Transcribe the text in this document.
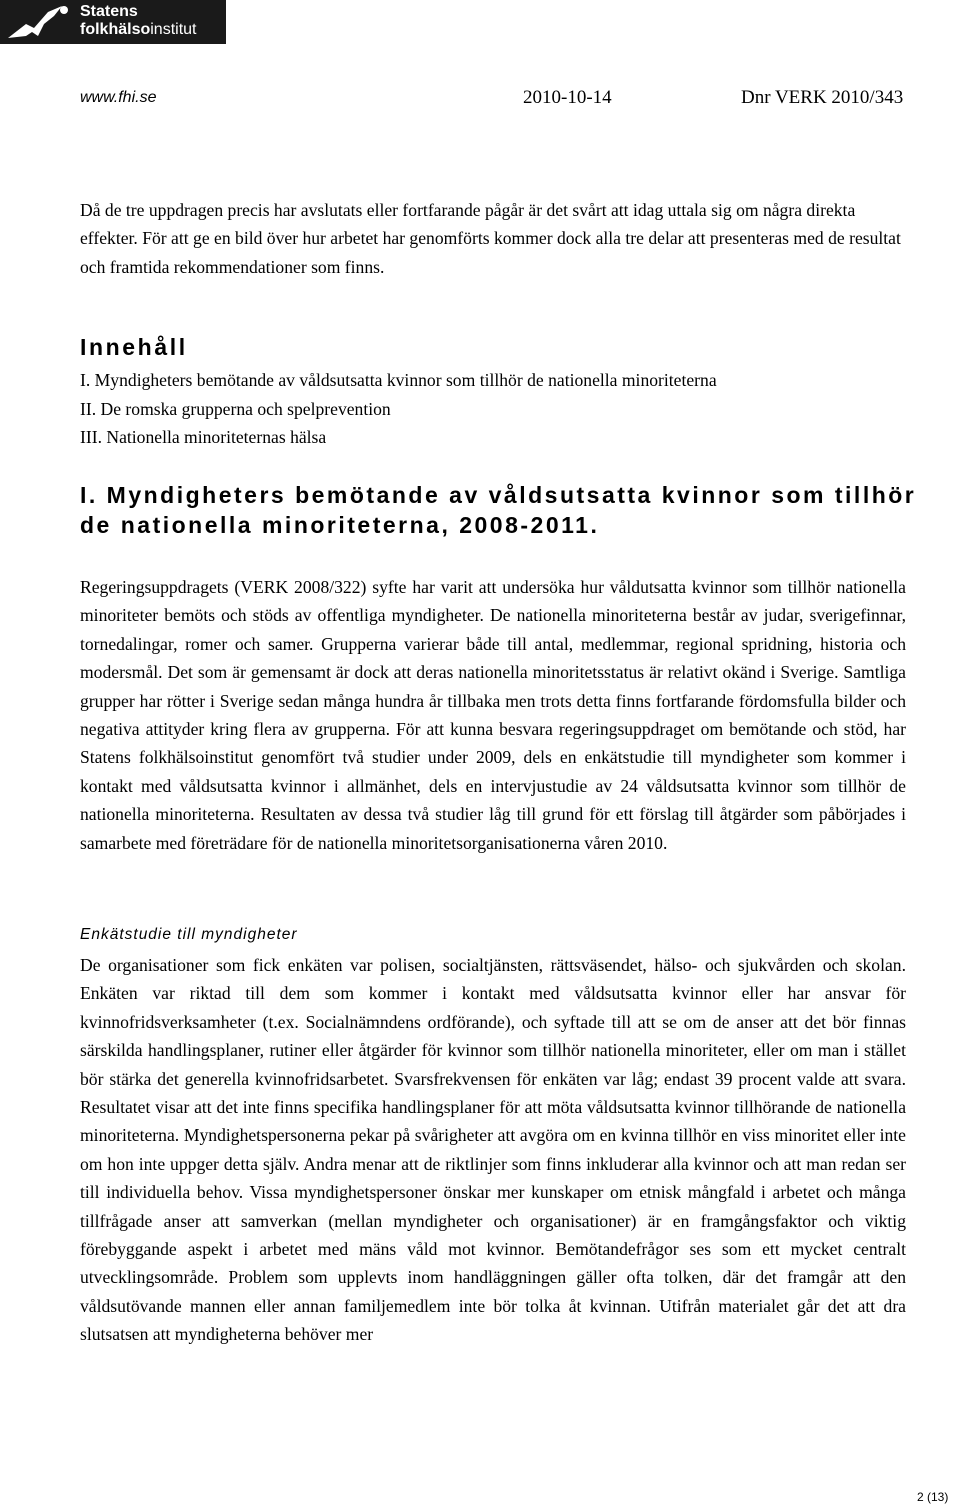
Statens
folkhälsoinstitut
www.fhi.se	2010-10-14	Dnr VERK 2010/343
Då de tre uppdragen precis har avslutats eller fortfarande pågår är det svårt att idag uttala sig om några direkta effekter. För att ge en bild över hur arbetet har genomförts kommer dock alla tre delar att presenteras med de resultat och framtida rekommendationer som finns.
Innehåll
I. Myndigheters bemötande av våldsutsatta kvinnor som tillhör de nationella minoriteterna
II. De romska grupperna och spelprevention
III. Nationella minoriteternas hälsa
I. Myndigheters bemötande av våldsutsatta kvinnor som tillhör de nationella minoriteterna, 2008-2011.
Regeringsuppdragets (VERK 2008/322) syfte har varit att undersöka hur våldutsatta kvinnor som tillhör nationella minoriteter bemöts och stöds av offentliga myndigheter. De nationella minoriteterna består av judar, sverigefinnar, tornedalingar, romer och samer. Grupperna varierar både till antal, medlemmar, regional spridning, historia och modersmål. Det som är gemensamt är dock att deras nationella minoritetsstatus är relativt okänd i Sverige. Samtliga grupper har rötter i Sverige sedan många hundra år tillbaka men trots detta finns fortfarande fördomsfulla bilder och negativa attityder kring flera av grupperna. För att kunna besvara regeringsuppdraget om bemötande och stöd, har Statens folkhälsoinstitut genomfört två studier under 2009, dels en enkätstudie till myndigheter som kommer i kontakt med våldsutsatta kvinnor i allmänhet, dels en intervjustudie av 24 våldsutsatta kvinnor som tillhör de nationella minoriteterna. Resultaten av dessa två studier låg till grund för ett förslag till åtgärder som påbörjades i samarbete med företrädare för de nationella minoritetsorganisationerna våren 2010.
Enkätstudie till myndigheter
De organisationer som fick enkäten var polisen, socialtjänsten, rättsväsendet, hälso- och sjukvården och skolan. Enkäten var riktad till dem som kommer i kontakt med våldsutsatta kvinnor eller har ansvar för kvinnofridsverksamheter (t.ex. Socialnämndens ordförande), och syftade till att se om de anser att det bör finnas särskilda handlingsplaner, rutiner eller åtgärder för kvinnor som tillhör nationella minoriteter, eller om man i stället bör stärka det generella kvinnofridsarbetet. Svarsfrekvensen för enkäten var låg; endast 39 procent valde att svara. Resultatet visar att det inte finns specifika handlingsplaner för att möta våldsutsatta kvinnor tillhörande de nationella minoriteterna. Myndighetspersonerna pekar på svårigheter att avgöra om en kvinna tillhör en viss minoritet eller inte om hon inte uppger detta själv. Andra menar att de riktlinjer som finns inkluderar alla kvinnor och att man redan ser till individuella behov. Vissa myndighetspersoner önskar mer kunskaper om etnisk mångfald i arbetet och många tillfrågade anser att samverkan (mellan myndigheter och organisationer) är en framgångsfaktor och viktig förebyggande aspekt i arbetet med mäns våld mot kvinnor. Bemötandefrågor ses som ett mycket centralt utvecklingsområde. Problem som upplevts inom handläggningen gäller ofta tolken, där det framgår att den våldsutövande mannen eller annan familjemedlem inte bör tolka åt kvinnan. Utifrån materialet går det att dra slutsatsen att myndigheterna behöver mer
2 (13)
